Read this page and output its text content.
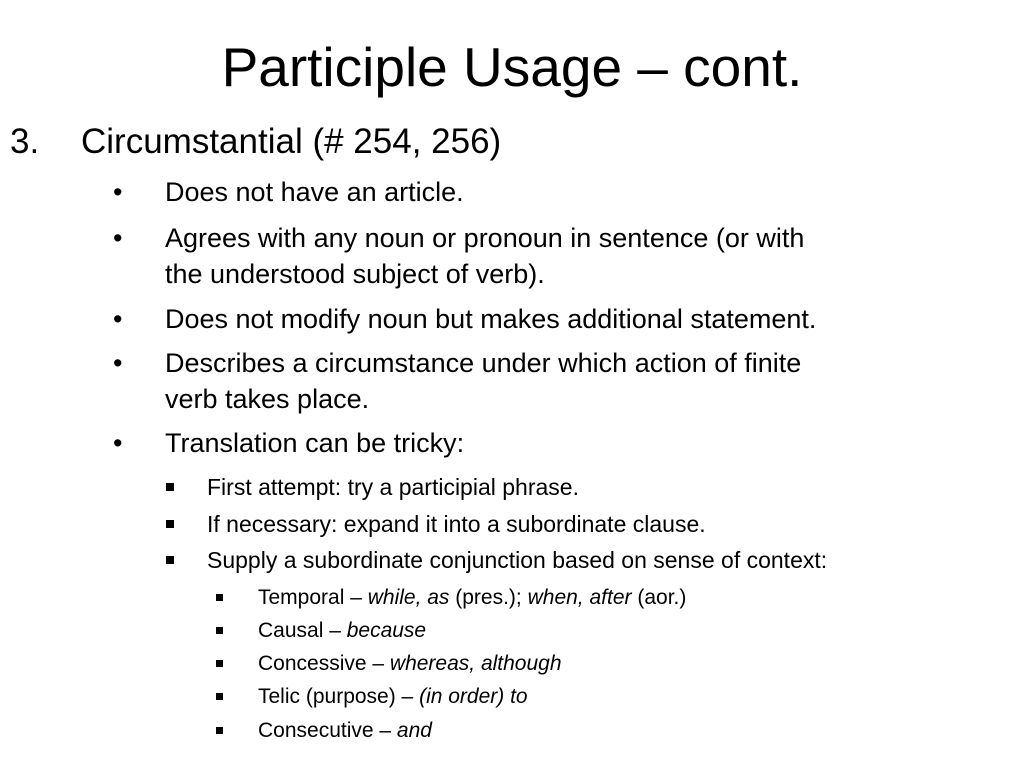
Participle Usage – cont.
3. Circumstantial (# 254, 256)
• Does not have an article.
• Agrees with any noun or pronoun in sentence (or with
the understood subject of verb).
• Does not modify noun but makes additional statement.
• Describes a circumstance under which action of finite
verb takes place.
• Translation can be tricky:
First attempt: try a participial phrase.
If necessary: expand it into a subordinate clause.
Supply a subordinate conjunction based on sense of context:
Temporal – while, as (pres.); when, after (aor.)
Causal – because
Concessive – whereas, although
Telic (purpose) – (in order) to
Consecutive – and
